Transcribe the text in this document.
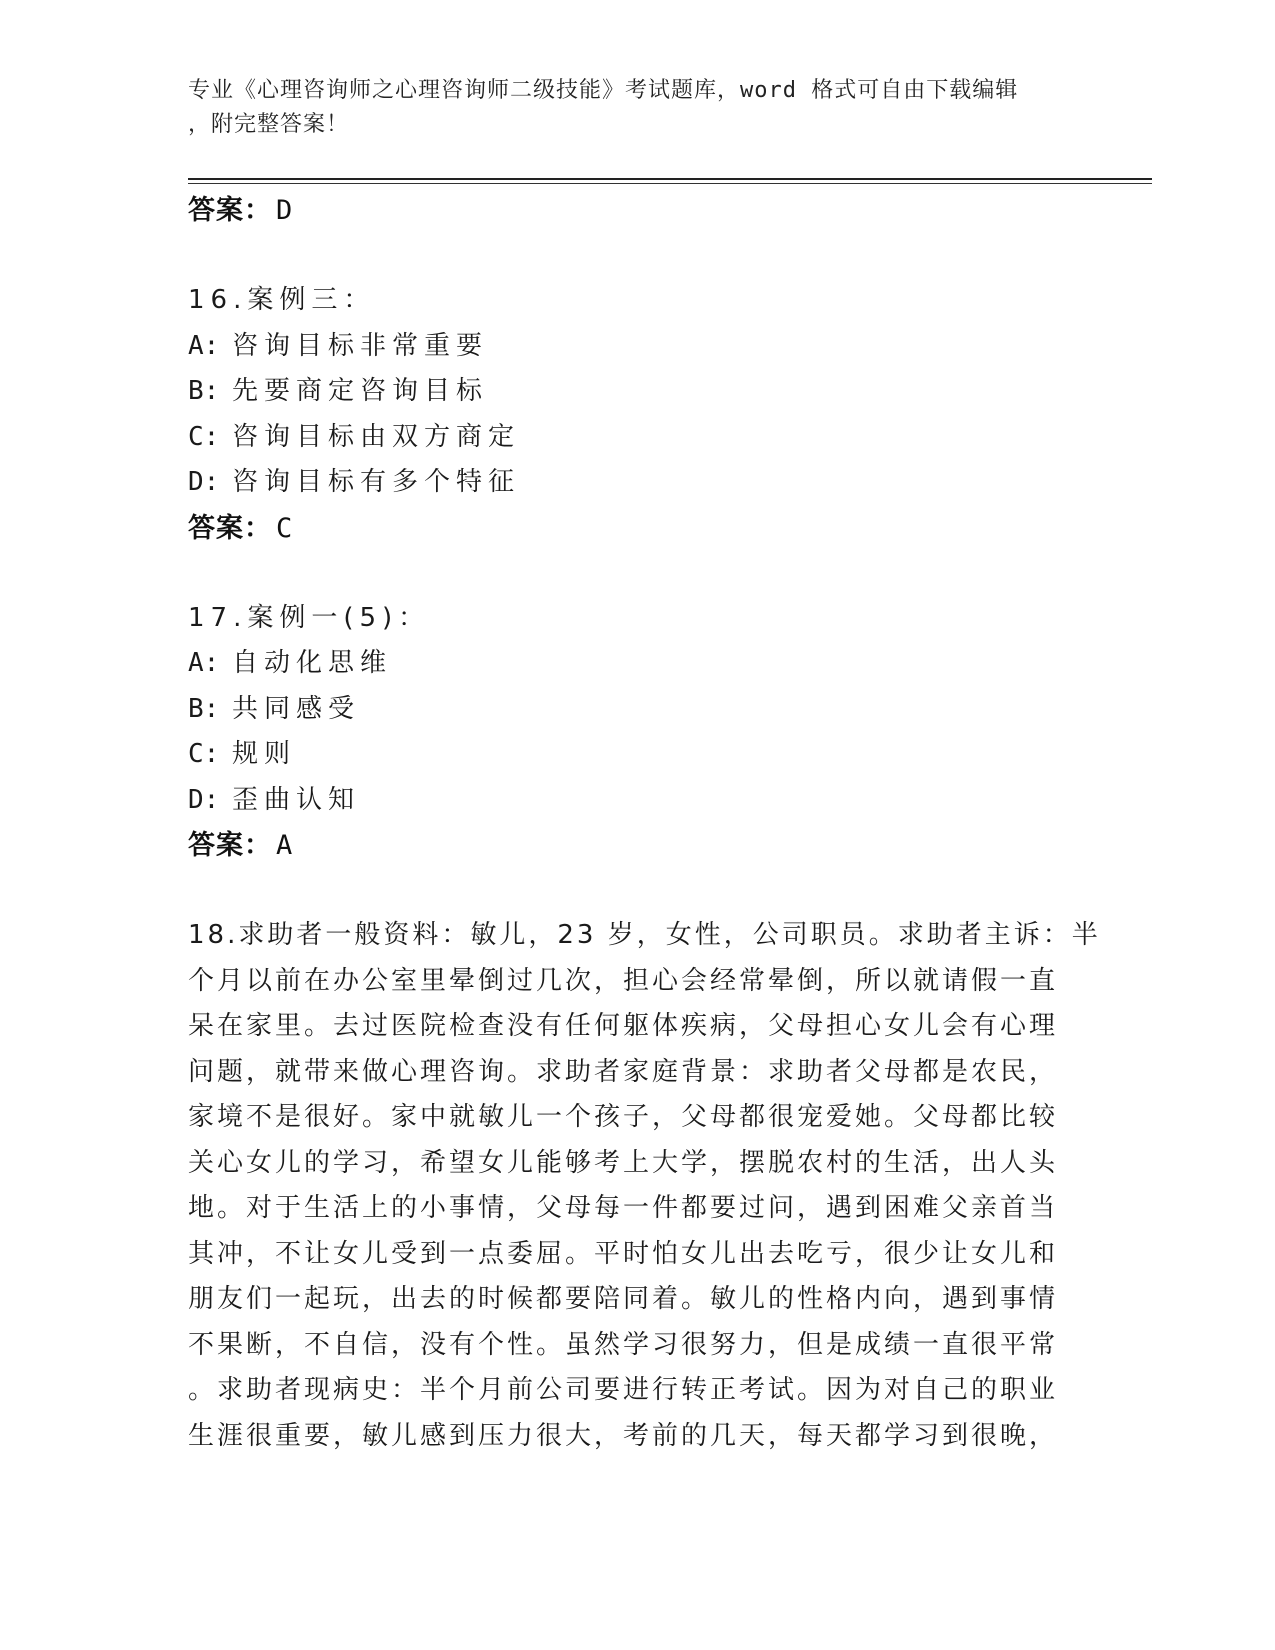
专业《心理咨询师之心理咨询师二级技能》考试题库，word 格式可自由下载编辑
，附完整答案！
答案： D
16.案例三：
A: 咨询目标非常重要
B: 先要商定咨询目标
C: 咨询目标由双方商定
D: 咨询目标有多个特征
答案： C
17.案例一(5)：
A: 自动化思维
B: 共同感受
C: 规则
D: 歪曲认知
答案： A
18.求助者一般资料：敏儿，23 岁，女性，公司职员。求助者主诉：半
个月以前在办公室里晕倒过几次，担心会经常晕倒，所以就请假一直
呆在家里。去过医院检查没有任何躯体疾病，父母担心女儿会有心理
问题，就带来做心理咨询。求助者家庭背景：求助者父母都是农民，
家境不是很好。家中就敏儿一个孩子，父母都很宠爱她。父母都比较
关心女儿的学习，希望女儿能够考上大学，摆脱农村的生活，出人头
地。对于生活上的小事情，父母每一件都要过问，遇到困难父亲首当
其冲，不让女儿受到一点委屈。平时怕女儿出去吃亏，很少让女儿和
朋友们一起玩，出去的时候都要陪同着。敏儿的性格内向，遇到事情
不果断，不自信，没有个性。虽然学习很努力，但是成绩一直很平常
。求助者现病史：半个月前公司要进行转正考试。因为对自己的职业
生涯很重要，敏儿感到压力很大，考前的几天，每天都学习到很晚，
